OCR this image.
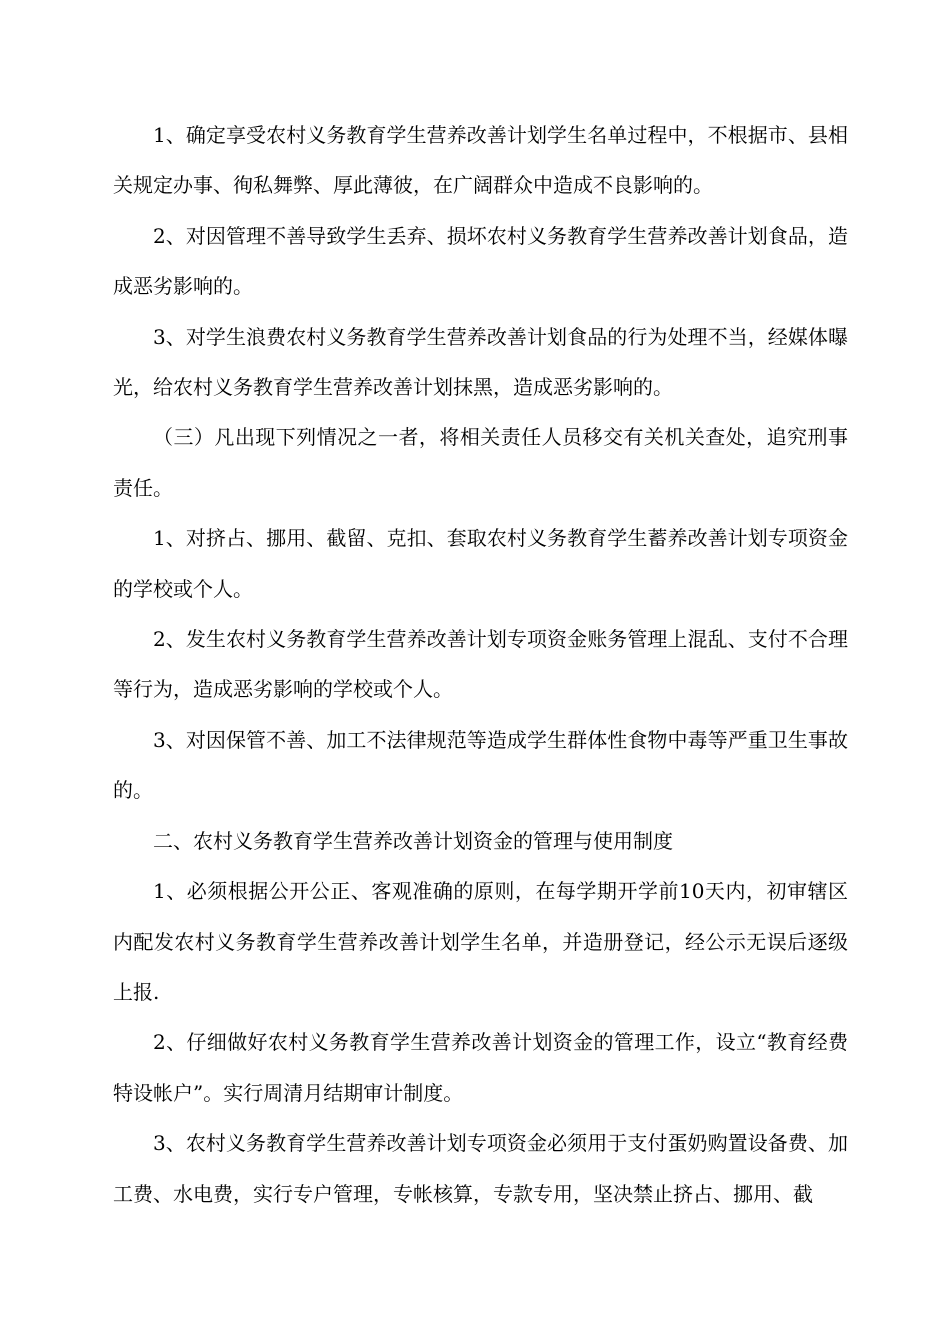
1、确定享受农村义务教育学生营养改善计划学生名单过程中，不根据市、县相关规定办事、徇私舞弊、厚此薄彼，在广阔群众中造成不良影响的。

2、对因管理不善导致学生丢弃、损坏农村义务教育学生营养改善计划食品，造成恶劣影响的。

3、对学生浪费农村义务教育学生营养改善计划食品的行为处理不当，经媒体曝光，给农村义务教育学生营养改善计划抹黑，造成恶劣影响的。

（三）凡出现下列情况之一者，将相关责任人员移交有关机关查处，追究刑事责任。

1、对挤占、挪用、截留、克扣、套取农村义务教育学生蓄养改善计划专项资金的学校或个人。

2、发生农村义务教育学生营养改善计划专项资金账务管理上混乱、支付不合理等行为，造成恶劣影响的学校或个人。

3、对因保管不善、加工不法律规范等造成学生群体性食物中毒等严重卫生事故的。

二、农村义务教育学生营养改善计划资金的管理与使用制度

1、必须根据公开公正、客观准确的原则，在每学期开学前10天内，初审辖区内配发农村义务教育学生营养改善计划学生名单，并造册登记，经公示无误后逐级上报.

2、仔细做好农村义务教育学生营养改善计划资金的管理工作，设立“教育经费特设帐户”。实行周清月结期审计制度。

3、农村义务教育学生营养改善计划专项资金必须用于支付蛋奶购置设备费、加工费、水电费，实行专户管理，专帐核算，专款专用，坚决禁止挤占、挪用、截
